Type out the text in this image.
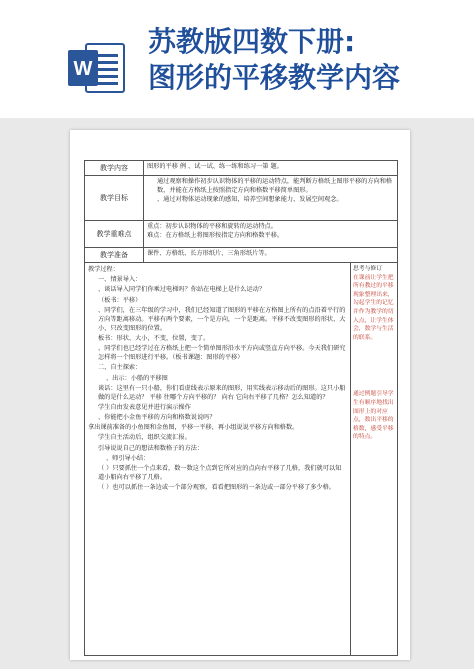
W
苏教版四数下册:
图形的平移教学内容
教学内容	图形的平移 例 、试一试、练一练和练习一第 题。
教学目标

通过观察和操作初步认识物体的平移的运动特点，能判断方格纸上图形平移的方向和格数，并能在方格纸上按照指定方向和格数平移简单图形。

、通过对物体运动现象的感知，培养空间想象能力，发展空间观念。

教学重难点

重点：初步认识物体的平移和旋转的运动特点。

难点：在方格纸上将图形按指定方向和格数平移。

教学准备	课件、方格纸、长方形纸片、三角形纸片等。

教学过程：

一、情景导入：

、谈话导入同学们你乘过电梯吗？你站在电梯上是什么运动？

（板书：平移）

、同学们，在三年级的学习中，我们已经知道了图形的平移在方格图上所有的点沿着平行的方向等距离移动。平移有两个要素，一个是方向，一个是距离。平移不改变图形的形状、大小，只改变图形的位置。

板书：形状、大小，不变，位置，变了。

、同学们也已经学过在方格纸上把一个简单图形沿水平方向或竖直方向平移。今天我们研究怎样将一个图形进行平移。（板书课题：图形的平移）

二、自主探索：

、出示：小船的平移图

谈话：这里有一只小船，你们看虚线表示原来的图形，用实线表示移动后的图形。这只小船做的是什么运动？ 平移 往哪个方向平移的？ 向右 它向右平移了几格？怎么知道的？

学生自由发表意见并进行演示操作

、你能把小金鱼平移的方向和格数说说吗？

拿出课前准备的小鱼图和金鱼图，平移一平移，再小组说说平移方向和格数。

学生自主活动后，组织交流汇报。

引导说说自己的想法和数格子的方法：

、师引导小结：

（ ）只要抓住一个点来看，数一数这个点到它所对应的点向右平移了几格，我们就可以知道小船向右平移了几格。

（ ）也可以抓住一条边或一个部分观察，看看把图形的一条边或一部分平移了多少格。

思考与修订

在课前让学生把所有教过的平移现象整理出来，勾起学生的记忆并作为教学的切入点，让学生体会，数学与生活的联系。

通过例题引导学生有顺序地找出图形上的对应点，数出平移的格数，感受平移的特点。
